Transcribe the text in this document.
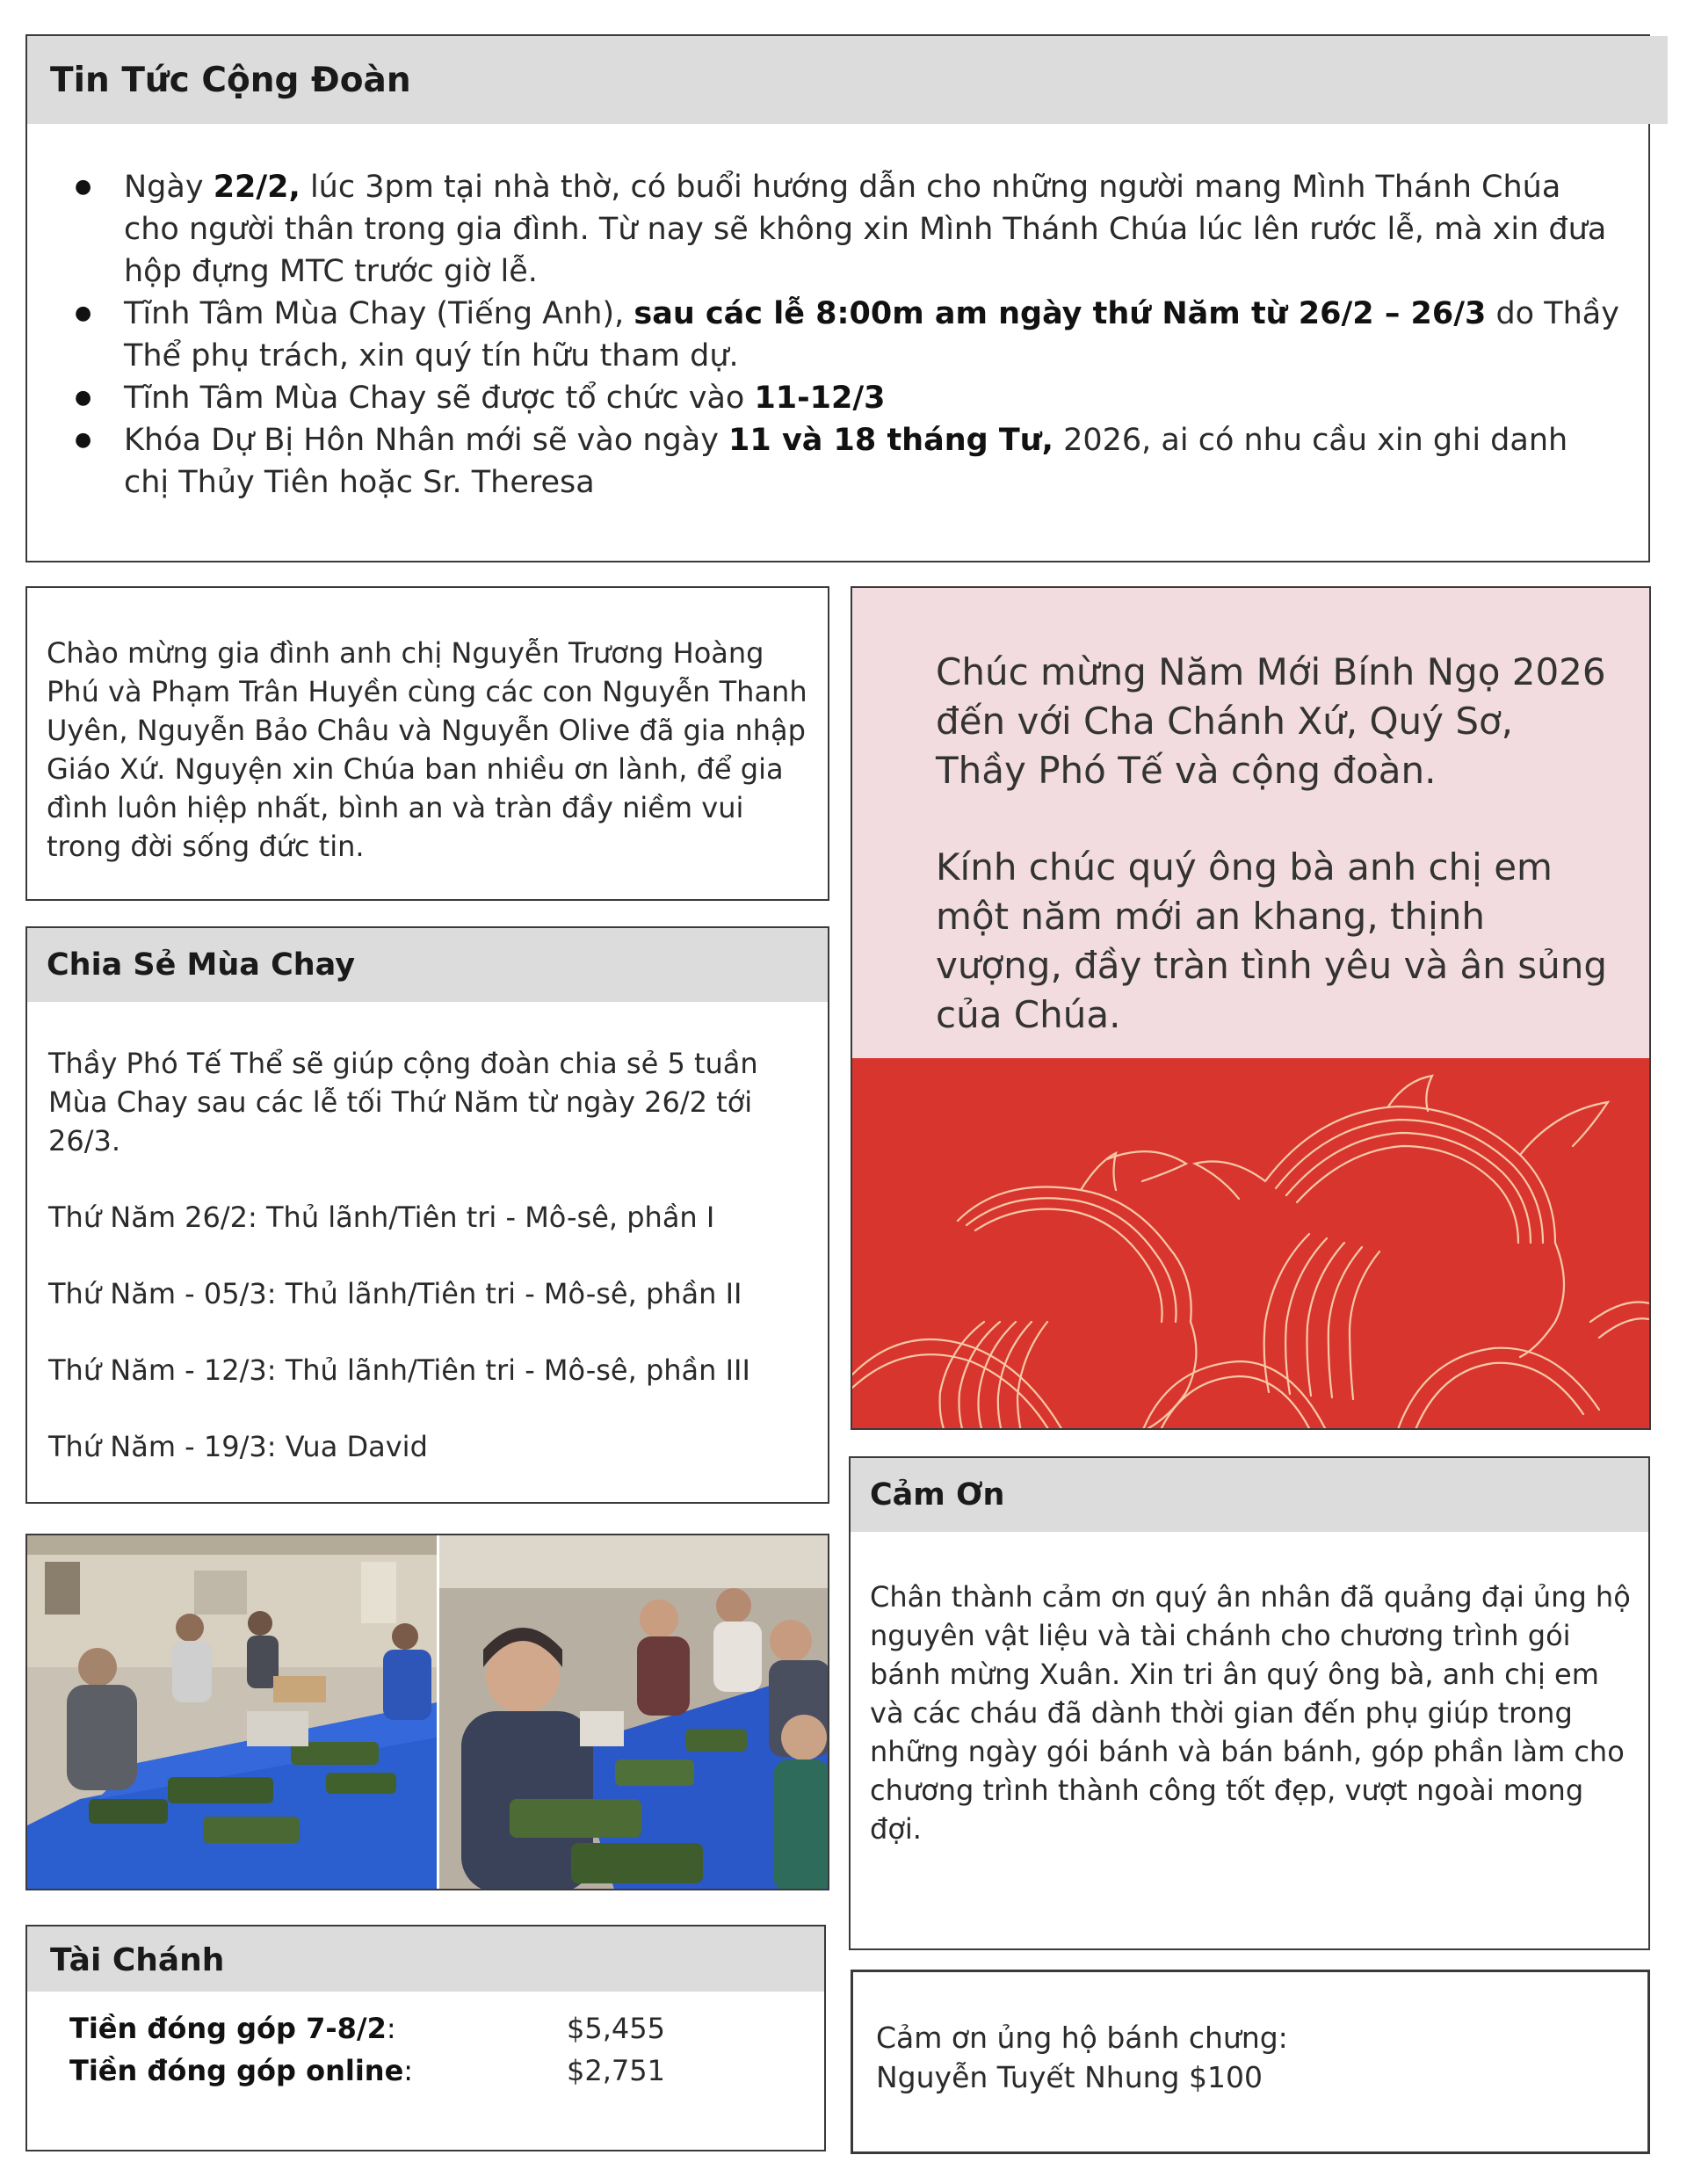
Tin Tức Cộng Đoàn
● Ngày 22/2, lúc 3pm tại nhà thờ, có buổi hướng dẫn cho những người mang Mình Thánh Chúa cho người thân trong gia đình. Từ nay sẽ không xin Mình Thánh Chúa lúc lên rước lễ, mà xin đưa hộp đựng MTC trước giờ lễ.
● Tĩnh Tâm Mùa Chay (Tiếng Anh), sau các lễ 8:00m am ngày thứ Năm từ 26/2 – 26/3 do Thầy Thể phụ trách, xin quý tín hữu tham dự.
● Tĩnh Tâm Mùa Chay sẽ được tổ chức vào 11-12/3
● Khóa Dự Bị Hôn Nhân mới sẽ vào ngày 11 và 18 tháng Tư, 2026, ai có nhu cầu xin ghi danh chị Thủy Tiên hoặc Sr. Theresa

Chào mừng gia đình anh chị Nguyễn Trương Hoàng Phú và Phạm Trân Huyền cùng các con Nguyễn Thanh Uyên, Nguyễn Bảo Châu và Nguyễn Olive đã gia nhập Giáo Xứ. Nguyện xin Chúa ban nhiều ơn lành, để gia đình luôn hiệp nhất, bình an và tràn đầy niềm vui trong đời sống đức tin.

Chia Sẻ Mùa Chay
Thầy Phó Tế Thể sẽ giúp cộng đoàn chia sẻ 5 tuần Mùa Chay sau các lễ tối Thứ Năm từ ngày 26/2 tới 26/3.
Thứ Năm 26/2: Thủ lãnh/Tiên tri - Mô-sê, phần I
Thứ Năm - 05/3: Thủ lãnh/Tiên tri - Mô-sê, phần II
Thứ Năm - 12/3: Thủ lãnh/Tiên tri - Mô-sê, phần III
Thứ Năm - 19/3: Vua David
Tài Chánh
Tiền đóng góp 7-8/2:	$5,455
Tiền đóng góp online:	$2,751

Chúc mừng Năm Mới Bính Ngọ 2026 đến với Cha Chánh Xứ, Quý Sơ, Thầy Phó Tế và cộng đoàn.

Kính chúc quý ông bà anh chị em một năm mới an khang, thịnh vượng, đầy tràn tình yêu và ân sủng của Chúa.

Cảm Ơn

Chân thành cảm ơn quý ân nhân đã quảng đại ủng hộ nguyên vật liệu và tài chánh cho chương trình gói bánh mừng Xuân. Xin tri ân quý ông bà, anh chị em và các cháu đã dành thời gian đến phụ giúp trong những ngày gói bánh và bán bánh, góp phần làm cho chương trình thành công tốt đẹp, vượt ngoài mong đợi.

Cảm ơn ủng hộ bánh chưng:
Nguyễn Tuyết Nhung $100
